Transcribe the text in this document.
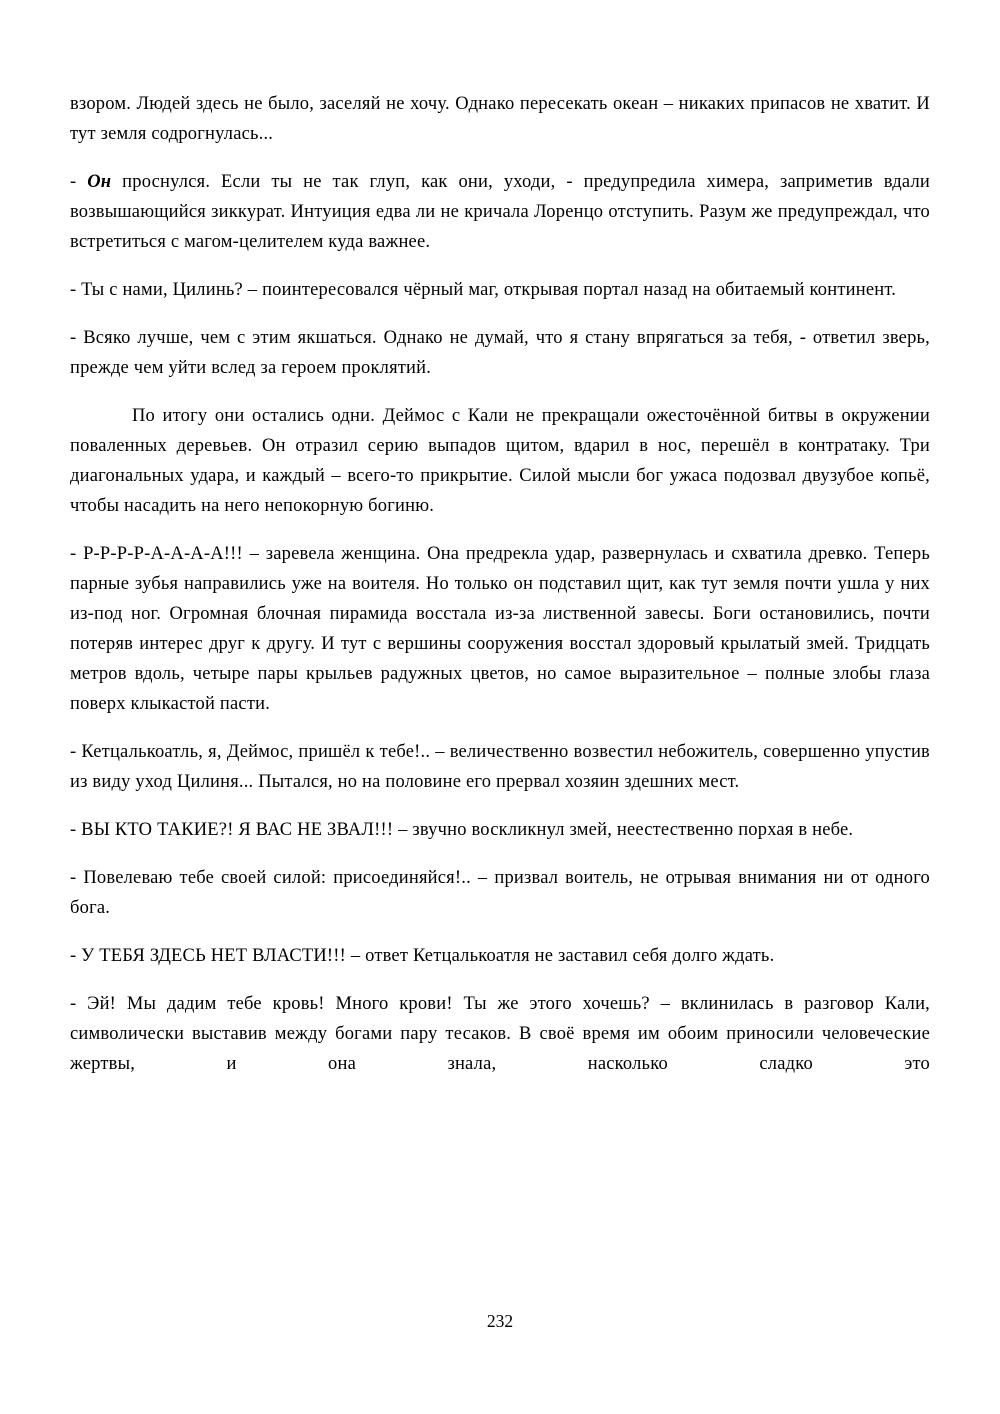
взором. Людей здесь не было, заселяй не хочу. Однако пересекать океан – никаких припасов не хватит. И тут земля содрогнулась...

- Он проснулся. Если ты не так глуп, как они, уходи, - предупредила химера, заприметив вдали возвышающийся зиккурат. Интуиция едва ли не кричала Лоренцо отступить. Разум же предупреждал, что встретиться с магом-целителем куда важнее.

- Ты с нами, Цилинь? – поинтересовался чёрный маг, открывая портал назад на обитаемый континент.

- Всяко лучше, чем с этим якшаться. Однако не думай, что я стану впрягаться за тебя, - ответил зверь, прежде чем уйти вслед за героем проклятий.

По итогу они остались одни. Деймос с Кали не прекращали ожесточённой битвы в окружении поваленных деревьев. Он отразил серию выпадов щитом, вдарил в нос, перешёл в контратаку. Три диагональных удара, и каждый – всего-то прикрытие. Силой мысли бог ужаса подозвал двузубое копьё, чтобы насадить на него непокорную богиню.

- Р-Р-Р-Р-А-А-А-А!!! – заревела женщина. Она предрекла удар, развернулась и схватила древко. Теперь парные зубья направились уже на воителя. Но только он подставил щит, как тут земля почти ушла у них из-под ног. Огромная блочная пирамида восстала из-за лиственной завесы. Боги остановились, почти потеряв интерес друг к другу. И тут с вершины сооружения восстал здоровый крылатый змей. Тридцать метров вдоль, четыре пары крыльев радужных цветов, но самое выразительное – полные злобы глаза поверх клыкастой пасти.

- Кетцалькоатль, я, Деймос, пришёл к тебе!.. – величественно возвестил небожитель, совершенно упустив из виду уход Цилиня... Пытался, но на половине его прервал хозяин здешних мест.

- ВЫ КТО ТАКИЕ?! Я ВАС НЕ ЗВАЛ!!! – звучно воскликнул змей, неестественно порхая в небе.

- Повелеваю тебе своей силой: присоединяйся!.. – призвал воитель, не отрывая внимания ни от одного бога.

- У ТЕБЯ ЗДЕСЬ НЕТ ВЛАСТИ!!! – ответ Кетцалькоатля не заставил себя долго ждать.

- Эй! Мы дадим тебе кровь! Много крови! Ты же этого хочешь? – вклинилась в разговор Кали, символически выставив между богами пару тесаков. В своё время им обоим приносили человеческие жертвы, и она знала, насколько сладко это

232
